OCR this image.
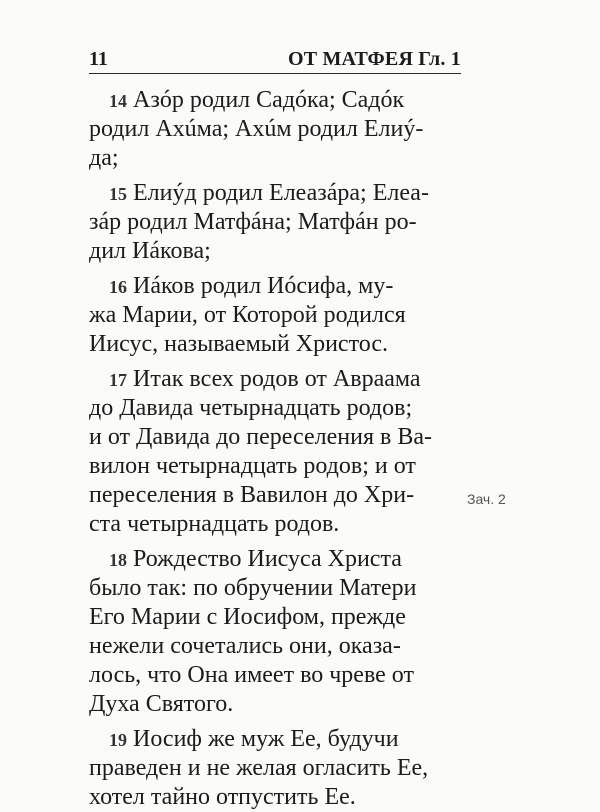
11	ОТ МАТФЕЯ Гл. 1
14 Азóр родил Садóка; Садóк
родил Ахúма; Ахúм родил Елиý-
да;
15 Елиýд родил Елеазáра; Елеа-
зáр родил Матфáна; Матфáн ро-
дил Иáкова;
16 Иáков родил Иóсифа, му-
жа Марии, от Которой родился
Иисус, называемый Христос.
17 Итак всех родов от Авраама
до Давида четырнадцать родов;
и от Давида до переселения в Ва-
вилон четырнадцать родов; и от
переселения в Вавилон до Хри-
ста четырнадцать родов.
18 Рождество Иисуса Христа
было так: по обручении Матери
Его Марии с Иосифом, прежде
нежели сочетались они, оказа-
лось, что Она имеет во чреве от
Духа Святого.
19 Иосиф же муж Ее, будучи
праведен и не желая огласить Ее,
хотел тайно отпустить Ее.
Зач. 2
